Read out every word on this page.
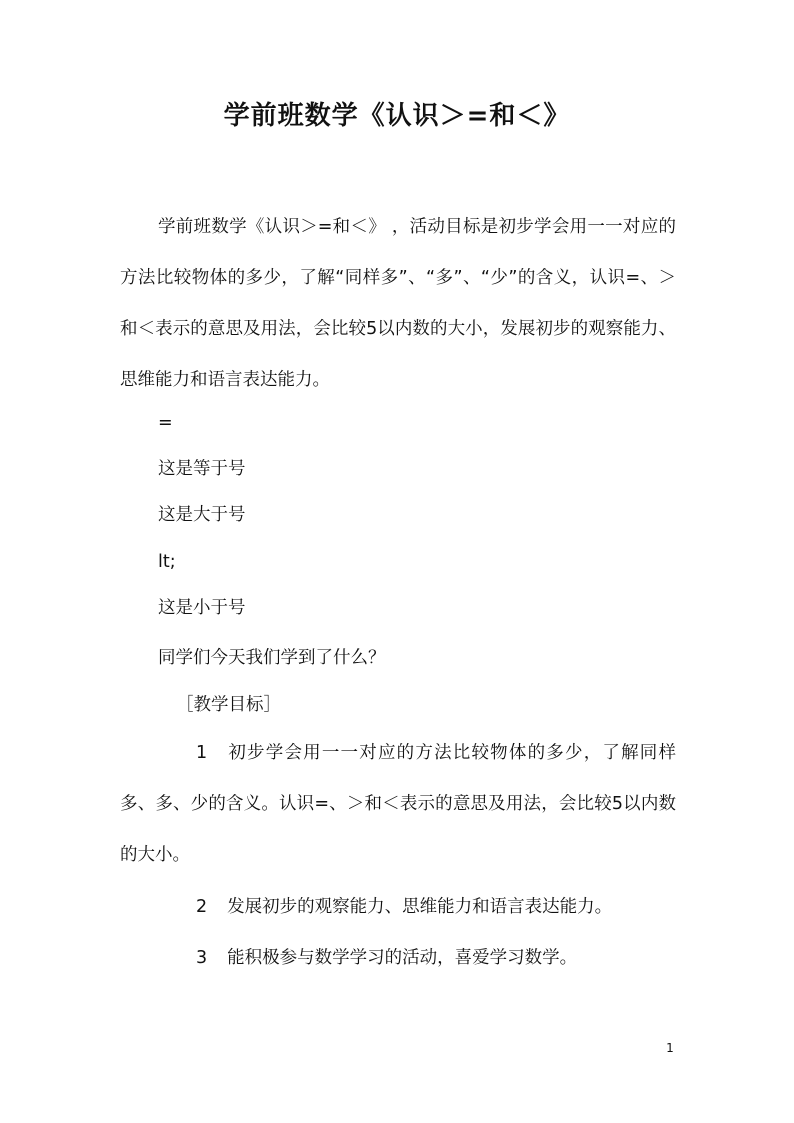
学前班数学《认识＞=和＜》

学前班数学《认识＞=和＜》 ，活动目标是初步学会用一一对应的方法比较物体的多少，了解“同样多”、“多”、“少”的含义，认识=、＞和＜表示的意思及用法，会比较5以内数的大小，发展初步的观察能力、思维能力和语言表达能力。

=

这是等于号

这是大于号

lt;

这是小于号

同学们今天我们学到了什么？

［教学目标］

1 初步学会用一一对应的方法比较物体的多少，了解同样多、多、少的含义。认识=、＞和＜表示的意思及用法，会比较5以内数的大小。
2 发展初步的观察能力、思维能力和语言表达能力。
3 能积极参与数学学习的活动，喜爱学习数学。
1
